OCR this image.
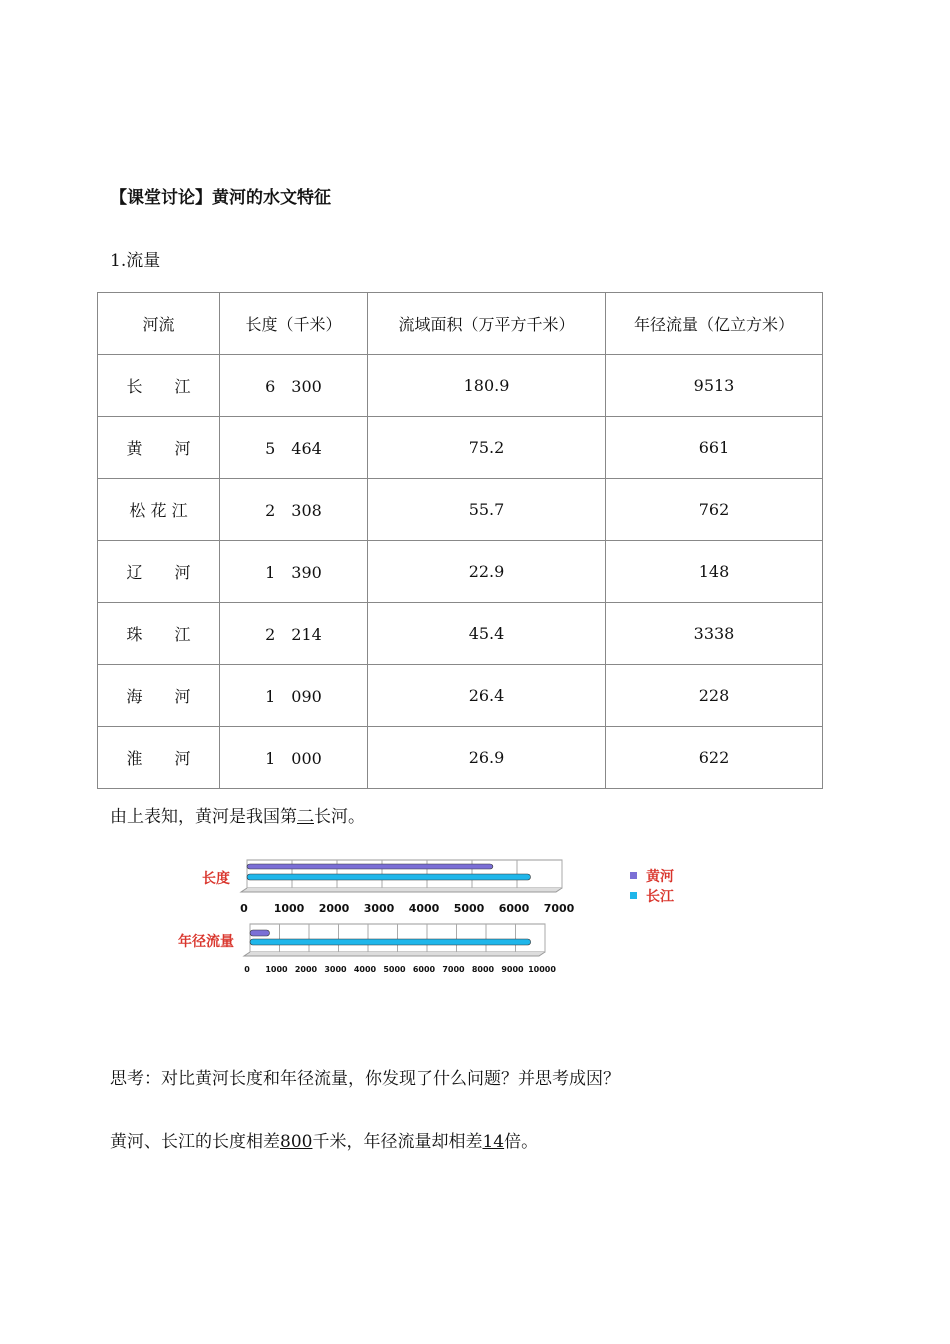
【课堂讨论】黄河的水文特征
1.流量
河流	长度（千米）	流域面积（万平方千米）	年径流量（亿立方米）
长　　江	6　300	180.9	9513
黄　　河	5　464	75.2	661
松 花 江	2　308	55.7	762
辽　　河	1　390	22.9	148
珠　　江	2　214	45.4	3338
海　　河	1　090	26.4	228
淮　　河	1　000	26.9	622
由上表知，黄河是我国第二长河。
0 1000 2000 3000 4000 5000 6000 7000
长度
0 1000 2000 3000 4000 5000 6000 7000 8000 9000 10000
年径流量
黄河
长江
思考：对比黄河长度和年径流量，你发现了什么问题？并思考成因？
黄河、长江的长度相差800千米，年径流量却相差14倍。
